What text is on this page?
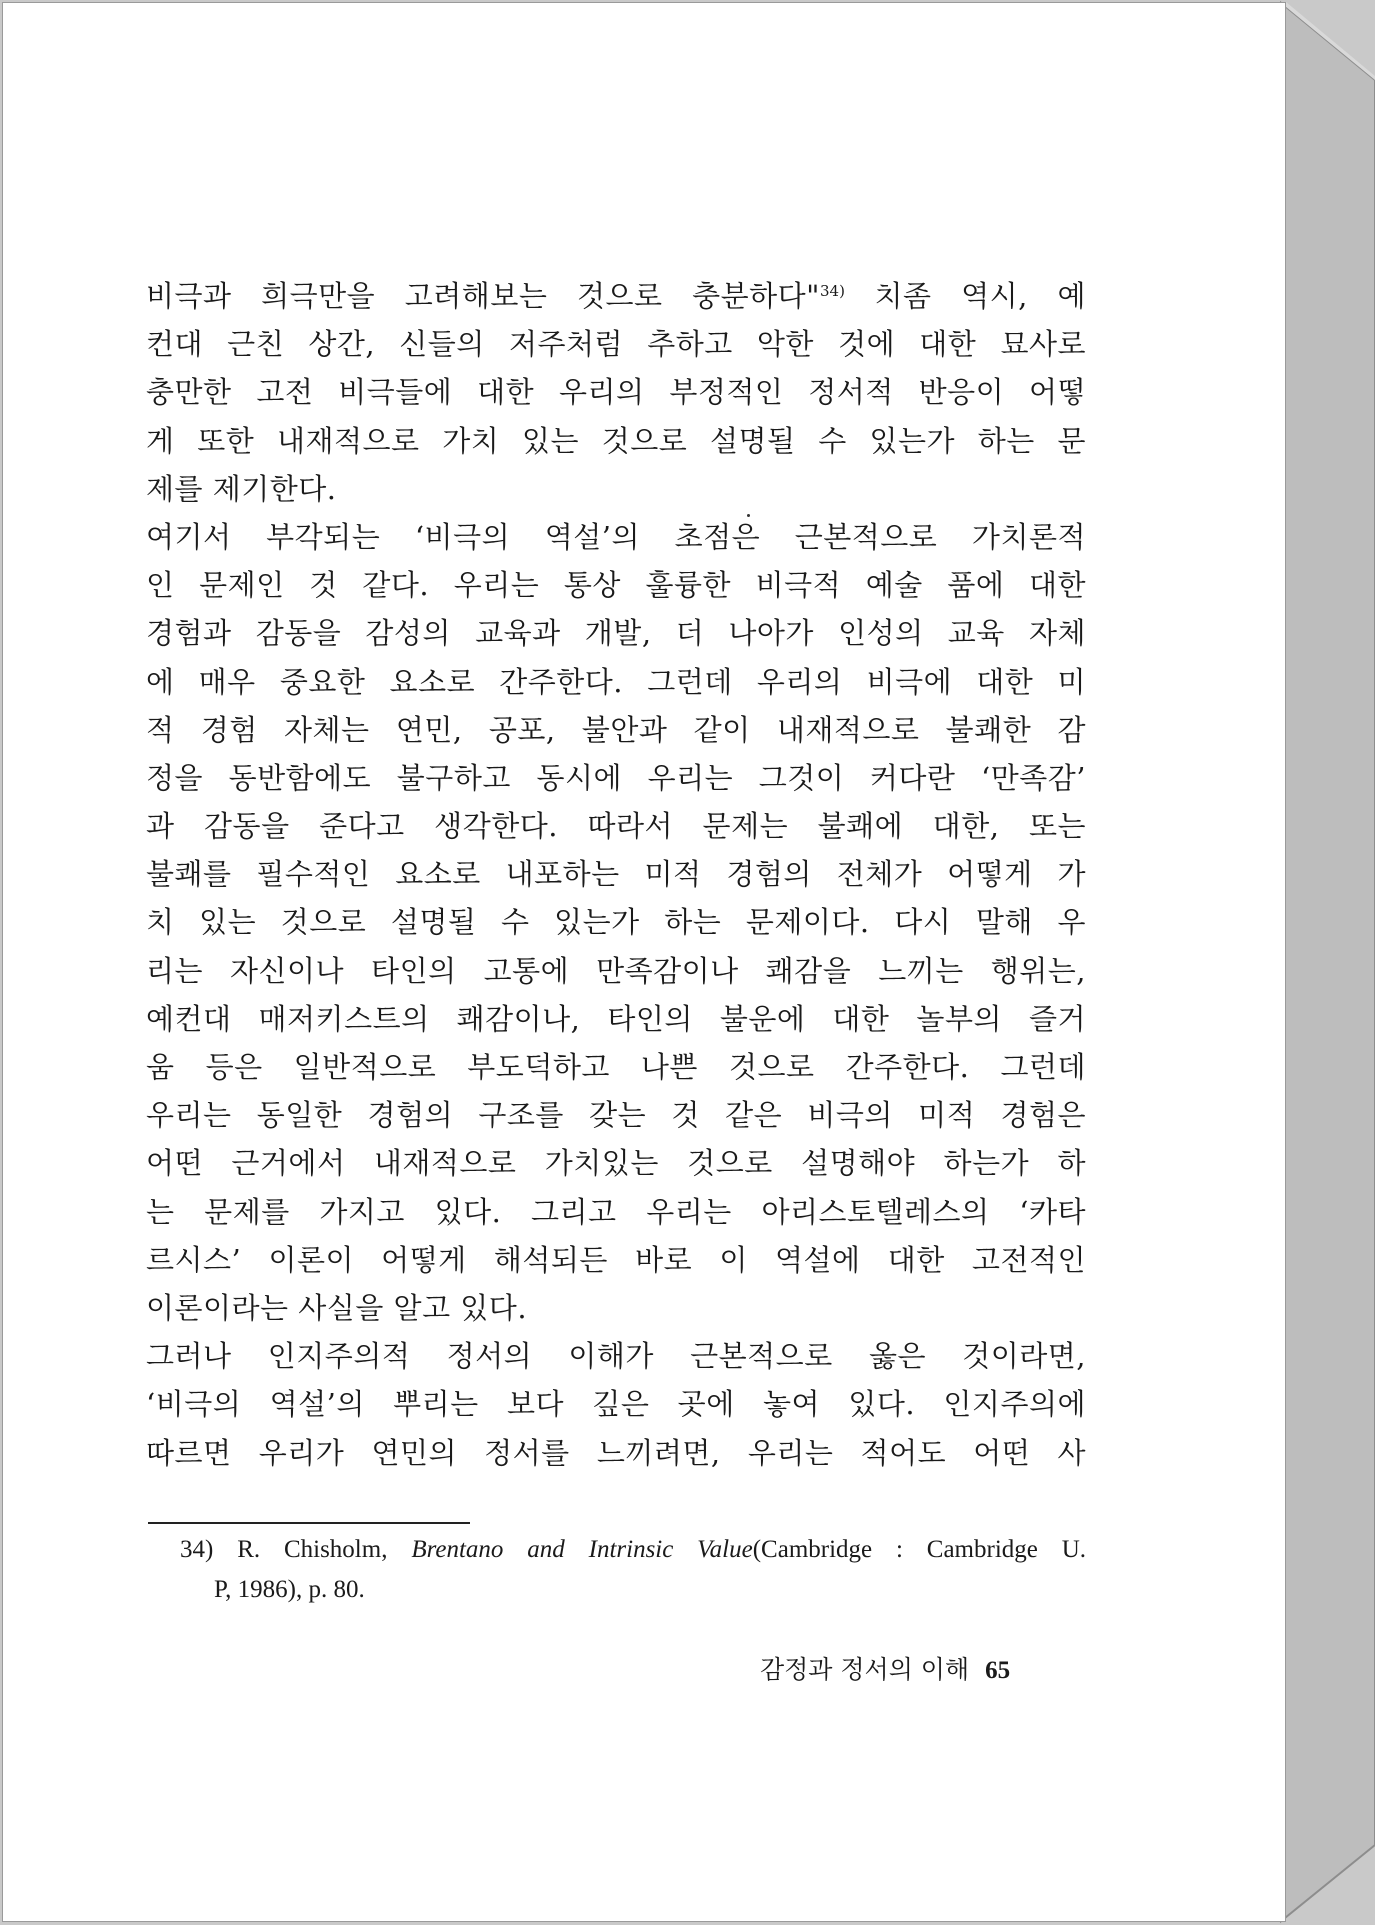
비극과 희극만을 고려해보는 것으로 충분하다"$^{34)}$ 치좀 역시, 예
컨대 근친 상간, 신들의 저주처럼 추하고 악한 것에 대한 묘사로
충만한 고전 비극들에 대한 우리의 부정적인 정서적 반응이 어떻
게 또한 내재적으로 가치 있는 것으로 설명될 수 있는가 하는 문
제를 제기한다.
여기서 부각되는 ‘비극의 역설’의 초점은 근본적으로 가치론적
인 문제인 것 같다. 우리는 통상 훌륭한 비극적 예술 품에 대한
경험과 감동을 감성의 교육과 개발, 더 나아가 인성의 교육 자체
에 매우 중요한 요소로 간주한다. 그런데 우리의 비극에 대한 미
적 경험 자체는 연민, 공포, 불안과 같이 내재적으로 불쾌한 감
정을 동반함에도 불구하고 동시에 우리는 그것이 커다란 ‘만족감’
과 감동을 준다고 생각한다. 따라서 문제는 불쾌에 대한, 또는
불쾌를 필수적인 요소로 내포하는 미적 경험의 전체가 어떻게 가
치 있는 것으로 설명될 수 있는가 하는 문제이다. 다시 말해 우
리는 자신이나 타인의 고통에 만족감이나 쾌감을 느끼는 행위는,
예컨대 매저키스트의 쾌감이나, 타인의 불운에 대한 놀부의 즐거
움 등은 일반적으로 부도덕하고 나쁜 것으로 간주한다. 그런데
우리는 동일한 경험의 구조를 갖는 것 같은 비극의 미적 경험은
어떤 근거에서 내재적으로 가치있는 것으로 설명해야 하는가 하
는 문제를 가지고 있다. 그리고 우리는 아리스토텔레스의 ‘카타
르시스’ 이론이 어떻게 해석되든 바로 이 역설에 대한 고전적인
이론이라는 사실을 알고 있다.
그러나 인지주의적 정서의 이해가 근본적으로 옳은 것이라면,
‘비극의 역설’의 뿌리는 보다 깊은 곳에 놓여 있다. 인지주의에
따르면 우리가 연민의 정서를 느끼려면, 우리는 적어도 어떤 사
34) R. Chisholm, Brentano and Intrinsic Value(Cambridge : Cambridge U.
P, 1986), p. 80.
감정과 정서의 이해 65
